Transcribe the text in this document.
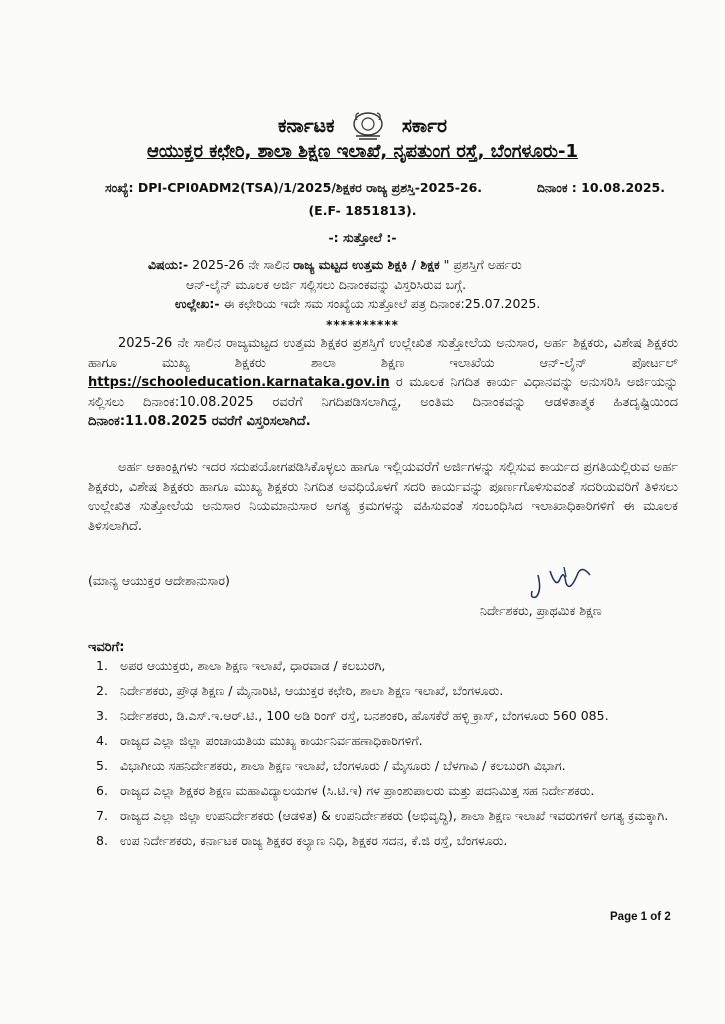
ಕರ್ನಾಟಕ	ಸರ್ಕಾರ
ಆಯುಕ್ತರ ಕಛೇರಿ, ಶಾಲಾ ಶಿಕ್ಷಣ ಇಲಾಖೆ, ನೃಪತುಂಗ ರಸ್ತೆ, ಬೆಂಗಳೂರು-1
ಸಂಖ್ಯೆ: DPI-CPI0ADM2(TSA)/1/2025/ಶಿಕ್ಷಕರ ರಾಜ್ಯ ಪ್ರಶಸ್ತಿ-2025-26.	ದಿನಾಂಕ : 10.08.2025.
(E.F- 1851813).
-: ಸುತ್ತೋಲೆ :-
ವಿಷಯ:- 2025-26 ನೇ ಸಾಲಿನ ರಾಜ್ಯ ಮಟ್ಟದ ಉತ್ತಮ ಶಿಕ್ಷಕಿ / ಶಿಕ್ಷಕ " ಪ್ರಶಸ್ತಿಗೆ ಅರ್ಹರು
ಆನ್-ಲೈನ್ ಮೂಲಕ ಅರ್ಜಿ ಸಲ್ಲಿಸಲು ದಿನಾಂಕವನ್ನು ವಿಸ್ತರಿಸಿರುವ ಬಗ್ಗೆ.
ಉಲ್ಲೇಖ:- ಈ ಕಛೇರಿಯ ಇದೇ ಸಮ ಸಂಖ್ಯೆಯ ಸುತ್ತೋಲೆ ಪತ್ರ ದಿನಾಂಕ:25.07.2025.
**********
2025-26 ನೇ ಸಾಲಿನ ರಾಜ್ಯಮಟ್ಟದ ಉತ್ತಮ ಶಿಕ್ಷಕರ ಪ್ರಶಸ್ತಿಗೆ ಉಲ್ಲೇಖಿತ ಸುತ್ತೋಲೆಯ ಅನುಸಾರ, ಅರ್ಹ ಶಿಕ್ಷಕರು, ವಿಶೇಷ ಶಿಕ್ಷಕರು ಹಾಗೂ ಮುಖ್ಯ ಶಿಕ್ಷಕರು ಶಾಲಾ ಶಿಕ್ಷಣ ಇಲಾಖೆಯ ಆನ್-ಲೈನ್ ಪೋರ್ಟಲ್ https://schooleducation.karnataka.gov.in ರ ಮೂಲಕ ನಿಗದಿತ ಕಾರ್ಯ ವಿಧಾನವನ್ನು ಅನುಸರಿಸಿ ಅರ್ಜಿಯನ್ನು ಸಲ್ಲಿಸಲು ದಿನಾಂಕ:10.08.2025 ರವರೆಗೆ ನಿಗದಿಪಡಿಸಲಾಗಿದ್ದ, ಅಂತಿಮ ದಿನಾಂಕವನ್ನು ಆಡಳಿತಾತ್ಮಕ ಹಿತದೃಷ್ಟಿಯಿಂದ ದಿನಾಂಕ:11.08.2025 ರವರೆಗೆ ವಿಸ್ತರಿಸಲಾಗಿದೆ.
ಅರ್ಹ ಆಕಾಂಕ್ಷಿಗಳು ಇದರ ಸದುಪಯೋಗಪಡಿಸಿಕೊಳ್ಳಲು ಹಾಗೂ ಇಲ್ಲಿಯವರೆಗೆ ಅರ್ಜಿಗಳನ್ನು ಸಲ್ಲಿಸುವ ಕಾರ್ಯದ ಪ್ರಗತಿಯಲ್ಲಿರುವ ಅರ್ಹ ಶಿಕ್ಷಕರು, ವಿಶೇಷ ಶಿಕ್ಷಕರು ಹಾಗೂ ಮುಖ್ಯ ಶಿಕ್ಷಕರು ನಿಗದಿತ ಅವಧಿಯೊಳಗೆ ಸದರಿ ಕಾರ್ಯವನ್ನು ಪೂರ್ಣಗೊಳಿಸುವಂತೆ ಸದರಿಯವರಿಗೆ ತಿಳಿಸಲು ಉಲ್ಲೇಖಿತ ಸುತ್ತೋಲೆಯ ಅನುಸಾರ ನಿಯಮಾನುಸಾರ ಅಗತ್ಯ ಕ್ರಮಗಳನ್ನು ವಹಿಸುವಂತೆ ಸಂಬಂಧಿಸಿದ ಇಲಾಖಾಧಿಕಾರಿಗಳಿಗೆ ಈ ಮೂಲಕ ತಿಳಿಸಲಾಗಿದೆ.
(ಮಾನ್ಯ ಆಯುಕ್ತರ ಆದೇಶಾನುಸಾರ)
ನಿರ್ದೇಶಕರು, ಪ್ರಾಥಮಿಕ ಶಿಕ್ಷಣ
ಇವರಿಗೆ:
1. ಅಪರ ಆಯುಕ್ತರು, ಶಾಲಾ ಶಿಕ್ಷಣ ಇಲಾಖೆ, ಧಾರವಾಡ / ಕಲಬುರಗಿ,
2. ನಿರ್ದೇಶಕರು, ಪ್ರೌಢ ಶಿಕ್ಷಣ / ಮೈನಾರಿಟಿ, ಆಯುಕ್ತರ ಕಛೇರಿ, ಶಾಲಾ ಶಿಕ್ಷಣ ಇಲಾಖೆ, ಬೆಂಗಳೂರು.
3. ನಿರ್ದೇಶಕರು, ಡಿ.ಎಸ್.ಇ.ಆರ್.ಟಿ., 100 ಅಡಿ ರಿಂಗ್ ರಸ್ತೆ, ಬನಶಂಕರಿ, ಹೊಸಕೆರೆ ಹಳ್ಳಿ ಕ್ರಾಸ್, ಬೆಂಗಳೂರು 560 085.
4. ರಾಜ್ಯದ ಎಲ್ಲಾ ಜಿಲ್ಲಾ ಪಂಚಾಯತಿಯ ಮುಖ್ಯ ಕಾರ್ಯನಿರ್ವಹಣಾಧಿಕಾರಿಗಳಿಗೆ.
5. ವಿಭಾಗೀಯ ಸಹನಿರ್ದೇಶಕರು, ಶಾಲಾ ಶಿಕ್ಷಣ ಇಲಾಖೆ, ಬೆಂಗಳೂರು / ಮೈಸೂರು / ಬೆಳಗಾವಿ / ಕಲಬುರಗಿ ವಿಭಾಗ.
6. ರಾಜ್ಯದ ಎಲ್ಲಾ ಶಿಕ್ಷಕರ ಶಿಕ್ಷಣ ಮಹಾವಿದ್ಯಾಲಯಗಳ (ಸಿ.ಟಿ.ಇ) ಗಳ ಪ್ರಾಂಶುಪಾಲರು ಮತ್ತು ಪದನಿಮಿತ್ತ ಸಹ ನಿರ್ದೇಶಕರು.
7. ರಾಜ್ಯದ ಎಲ್ಲಾ ಜಿಲ್ಲಾ ಉಪನಿರ್ದೇಶಕರು (ಆಡಳಿತ) & ಉಪನಿರ್ದೇಶಕರು (ಅಭಿವೃದ್ಧಿ), ಶಾಲಾ ಶಿಕ್ಷಣ ಇಲಾಖೆ ಇವರುಗಳಿಗೆ ಅಗತ್ಯ ಕ್ರಮಕ್ಕಾಗಿ.
8. ಉಪ ನಿರ್ದೇಶಕರು, ಕರ್ನಾಟಕ ರಾಜ್ಯ ಶಿಕ್ಷಕರ ಕಲ್ಯಾಣ ನಿಧಿ, ಶಿಕ್ಷಕರ ಸದನ, ಕೆ.ಜಿ ರಸ್ತೆ, ಬೆಂಗಳೂರು.
Page 1 of 2
